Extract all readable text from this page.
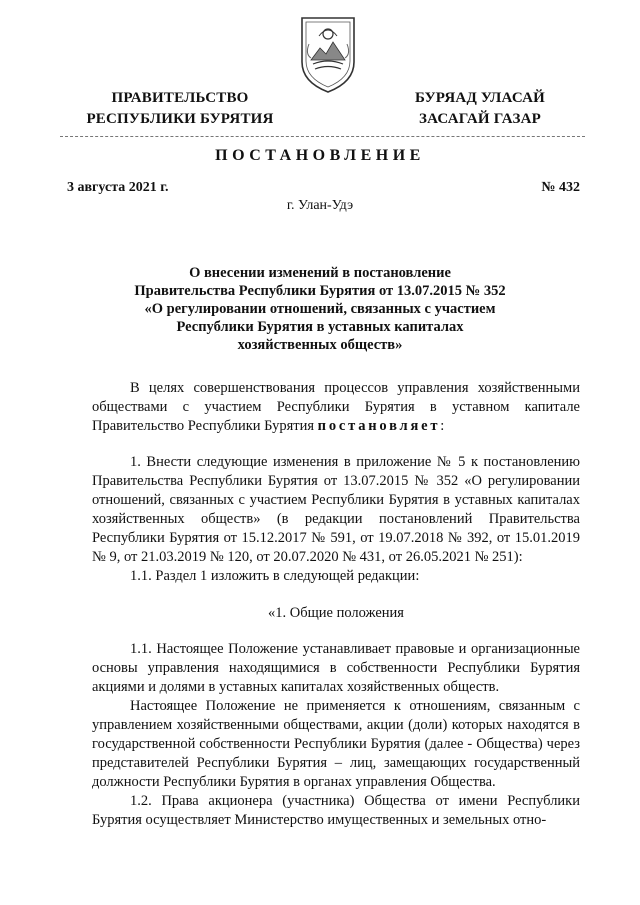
ПРАВИТЕЛЬСТВО
РЕСПУБЛИКИ БУРЯТИЯ
БУРЯАД УЛАСАЙ
ЗАСАГАЙ ГАЗАР
ПОСТАНОВЛЕНИЕ
3 августа 2021 г.	№ 432
г. Улан-Удэ
О внесении изменений в постановление
Правительства Республики Бурятия от 13.07.2015 № 352
«О регулировании отношений, связанных с участием
Республики Бурятия в уставных капиталах
хозяйственных обществ»

В целях совершенствования процессов управления хозяйственными обществами с участием Республики Бурятия в уставном капитале Правительство Республики Бурятия постановляет:

1. Внести следующие изменения в приложение № 5 к постановлению Правительства Республики Бурятия от 13.07.2015 № 352 «О регулировании отношений, связанных с участием Республики Бурятия в уставных капиталах хозяйственных обществ» (в редакции постановлений Правительства Республики Бурятия от 15.12.2017 № 591, от 19.07.2018 № 392, от 15.01.2019 № 9, от 21.03.2019 № 120, от 20.07.2020 № 431, от 26.05.2021 № 251):

1.1. Раздел 1 изложить в следующей редакции:

«1. Общие положения

1.1. Настоящее Положение устанавливает правовые и организационные основы управления находящимися в собственности Республики Бурятия акциями и долями в уставных капиталах хозяйственных обществ.

Настоящее Положение не применяется к отношениям, связанным с управлением хозяйственными обществами, акции (доли) которых находятся в государственной собственности Республики Бурятия (далее - Общества) через представителей Республики Бурятия – лиц, замещающих государственный должности Республики Бурятия в органах управления Общества.

1.2. Права акционера (участника) Общества от имени Республики Бурятия осуществляет Министерство имущественных и земельных отно-
